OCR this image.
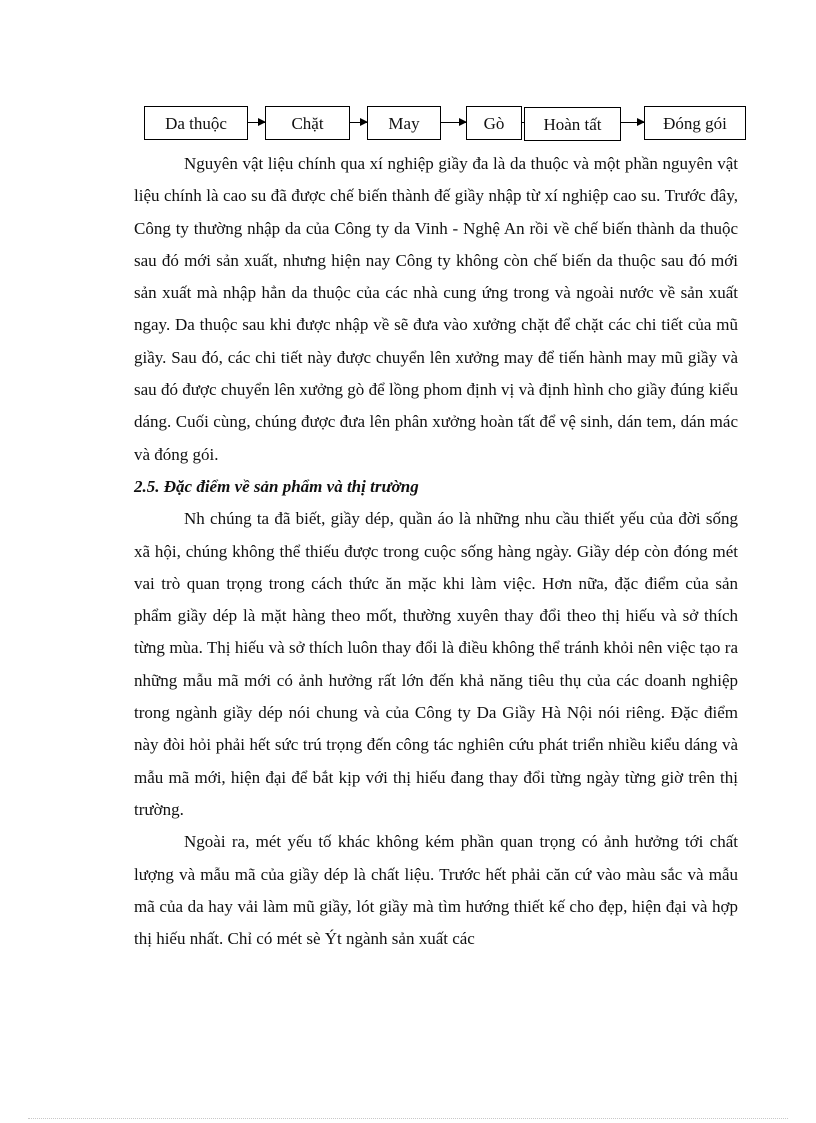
Da thuộc	Chặt	May	Gò	Hoàn tất	Đóng gói

Nguyên vật liệu chính qua xí nghiệp giầy đa là da thuộc và một phần nguyên vật liệu chính là cao su đã được chế biến thành đế giầy nhập từ xí nghiệp cao su. Trước đây, Công ty thường nhập da của Công ty da Vinh - Nghệ An rồi về chế biến thành da thuộc sau đó mới sản xuất, nhưng hiện nay Công ty không còn chế biến da thuộc sau đó mới sản xuất mà nhập hẳn da thuộc của các nhà cung ứng trong và ngoài nước về sản xuất ngay. Da thuộc sau khi được nhập về sẽ đưa vào xưởng chặt để chặt các chi tiết của mũ giầy. Sau đó, các chi tiết này được chuyển lên xưởng may để tiến hành may mũ giầy và sau đó được chuyển lên xưởng gò để lồng phom định vị và định hình cho giầy đúng kiểu dáng. Cuối cùng, chúng được đưa lên phân xưởng hoàn tất để vệ sinh, dán tem, dán mác và đóng gói.

2.5. Đặc điểm về sản phẩm và thị trường

Nh chúng ta đã biết, giầy dép, quần áo là những nhu cầu thiết yếu của đời sống xã hội, chúng không thể thiếu được trong cuộc sống hàng ngày. Giầy dép còn đóng mét vai trò quan trọng trong cách thức ăn mặc khi làm việc. Hơn nữa, đặc điểm của sản phẩm giầy dép là mặt hàng theo mốt, thường xuyên thay đổi theo thị hiếu và sở thích từng mùa. Thị hiếu và sở thích luôn thay đổi là điều không thể tránh khỏi nên việc tạo ra những mẫu mã mới có ảnh hưởng rất lớn đến khả năng tiêu thụ của các doanh nghiệp trong ngành giầy dép nói chung và của Công ty Da Giầy Hà Nội nói riêng. Đặc điểm này đòi hỏi phải hết sức trú trọng đến công tác nghiên cứu phát triển nhiều kiểu dáng và mẫu mã mới, hiện đại để bắt kịp với thị hiếu đang thay đổi từng ngày từng giờ trên thị trường.

Ngoài ra, mét yếu tố khác không kém phần quan trọng có ảnh hưởng tới chất lượng và mẫu mã của giầy dép là chất liệu. Trước hết phải căn cứ vào màu sắc và mẫu mã của da hay vải làm mũ giầy, lót giầy mà tìm hướng thiết kế cho đẹp, hiện đại và hợp thị hiếu nhất. Chỉ có mét sè Ýt ngành sản xuất các
